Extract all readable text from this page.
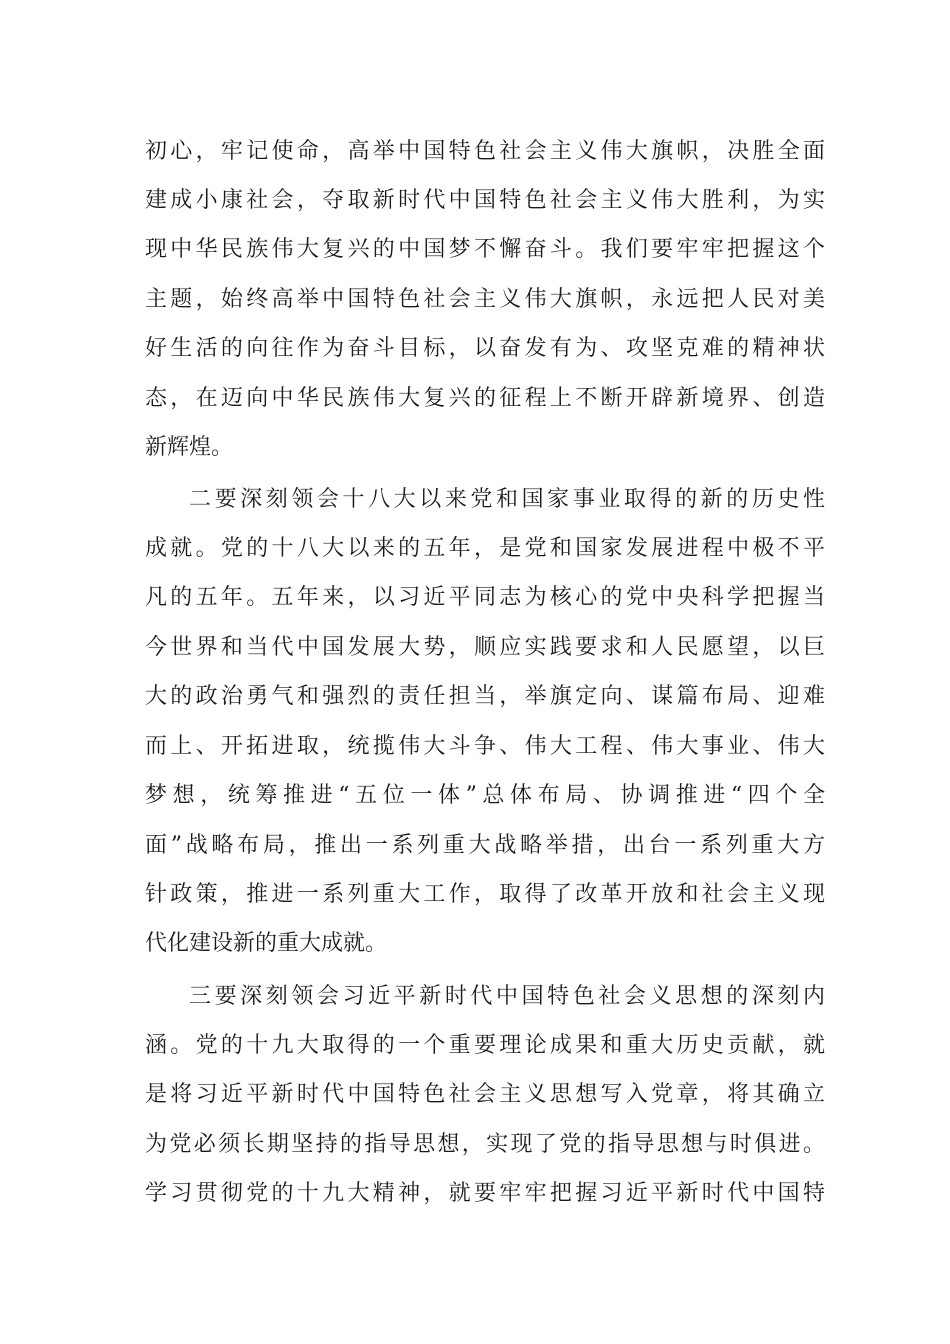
初心，牢记使命，高举中国特色社会主义伟大旗帜，决胜全面
建成小康社会，夺取新时代中国特色社会主义伟大胜利，为实
现中华民族伟大复兴的中国梦不懈奋斗。我们要牢牢把握这个
主题，始终高举中国特色社会主义伟大旗帜，永远把人民对美
好生活的向往作为奋斗目标，以奋发有为、攻坚克难的精神状
态，在迈向中华民族伟大复兴的征程上不断开辟新境界、创造
新辉煌。
二要深刻领会十八大以来党和国家事业取得的新的历史性
成就。党的十八大以来的五年，是党和国家发展进程中极不平
凡的五年。五年来，以习近平同志为核心的党中央科学把握当
今世界和当代中国发展大势，顺应实践要求和人民愿望，以巨
大的政治勇气和强烈的责任担当，举旗定向、谋篇布局、迎难
而上、开拓进取，统揽伟大斗争、伟大工程、伟大事业、伟大
梦想，统筹推进“五位一体”总体布局、协调推进“四个全
面”战略布局，推出一系列重大战略举措，出台一系列重大方
针政策，推进一系列重大工作，取得了改革开放和社会主义现
代化建设新的重大成就。
三要深刻领会习近平新时代中国特色社会义思想的深刻内
涵。党的十九大取得的一个重要理论成果和重大历史贡献，就
是将习近平新时代中国特色社会主义思想写入党章，将其确立
为党必须长期坚持的指导思想，实现了党的指导思想与时俱进。
学习贯彻党的十九大精神，就要牢牢把握习近平新时代中国特
